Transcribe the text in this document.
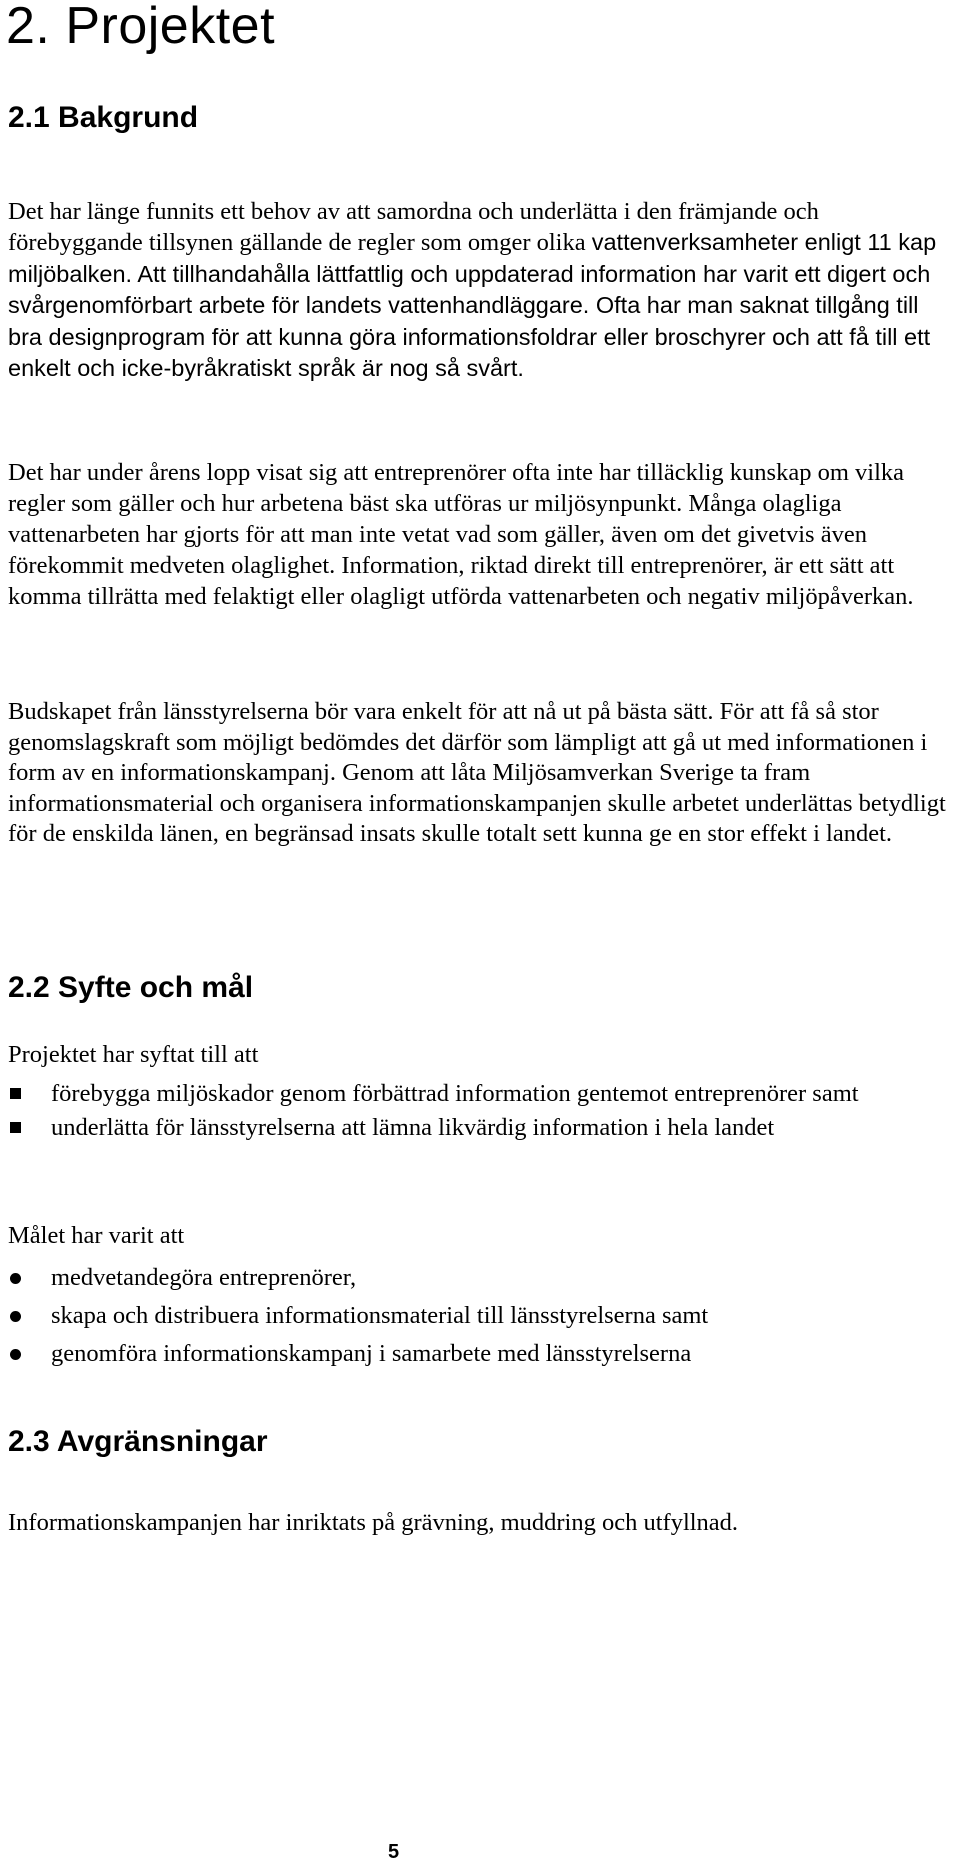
2. Projektet
2.1 Bakgrund

Det har länge funnits ett behov av att samordna och underlätta i den främjande och förebyggande tillsynen gällande de regler som omger olika vattenverksamheter enligt 11 kap miljöbalken. Att tillhandahålla lättfattlig och uppdaterad information har varit ett digert och svårgenomförbart arbete för landets vattenhandläggare. Ofta har man saknat tillgång till bra designprogram för att kunna göra informationsfoldrar eller broschyrer och att få till ett enkelt och icke-byråkratiskt språk är nog så svårt.

Det har under årens lopp visat sig att entreprenörer ofta inte har tilläcklig kunskap om vilka regler som gäller och hur arbetena bäst ska utföras ur miljösynpunkt. Många olagliga vattenarbeten har gjorts för att man inte vetat vad som gäller, även om det givetvis även förekommit medveten olaglighet. Information, riktad direkt till entreprenörer, är ett sätt att komma tillrätta med felaktigt eller olagligt utförda vattenarbeten och negativ miljöpåverkan.

Budskapet från länsstyrelserna bör vara enkelt för att nå ut på bästa sätt. För att få så stor genomslagskraft som möjligt bedömdes det därför som lämpligt att gå ut med informationen i form av en informationskampanj. Genom att låta Miljösamverkan Sverige ta fram informationsmaterial och organisera informationskampanjen skulle arbetet underlättas betydligt för de enskilda länen, en begränsad insats skulle totalt sett kunna ge en stor effekt i landet.

2.2 Syfte och mål

Projektet har syftat till att

förebygga miljöskador genom förbättrad information gentemot entreprenörer samt
underlätta för länsstyrelserna att lämna likvärdig information i hela landet

Målet har varit att

medvetandegöra entreprenörer,
skapa och distribuera informationsmaterial till länsstyrelserna samt
genomföra informationskampanj i samarbete med länsstyrelserna
2.3 Avgränsningar

Informationskampanjen har inriktats på grävning, muddring och utfyllnad.

5
